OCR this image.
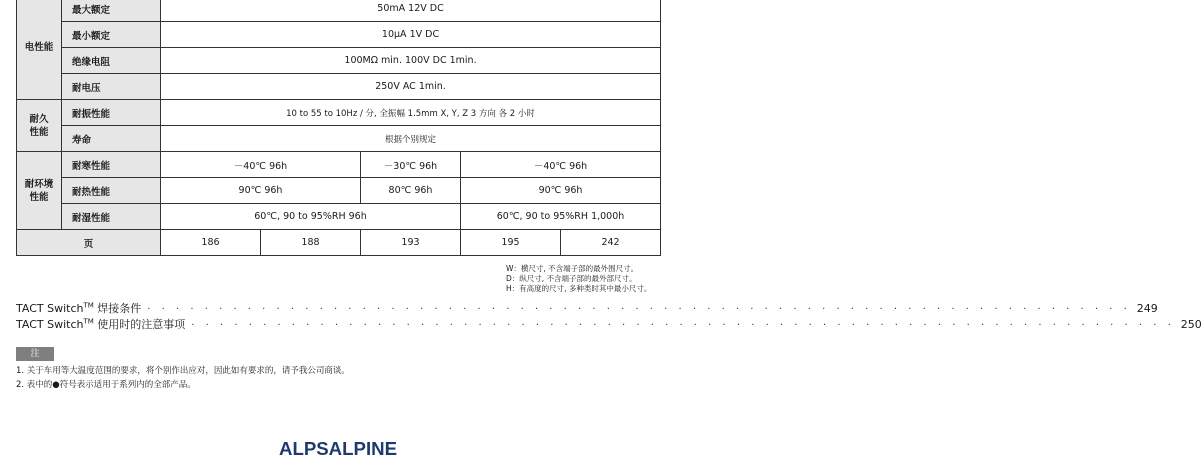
电性能	最大额定	50mA 12V DC				
	最小额定	10μA 1V DC				
	绝缘电阻	100MΩ min. 100V DC 1min.				
	耐电压	250V AC 1min.				
耐久性能	耐振性能	10 to 55 to 10Hz / 分, 全振幅 1.5mm X, Y, Z 3 方向 各 2 小时				
	寿命	根据个别规定				
耐环境性能	耐寒性能	－40℃ 96h		－30℃ 96h	－40℃ 96h	
	耐热性能	90℃ 96h		80℃ 96h	90℃ 96h	
	耐湿性能	60℃, 90 to 95%RH 96h			60℃, 90 to 95%RH 1,000h	
页		186	188	193	195	242
W：横尺寸, 不含端子部的最外围尺寸。
D：纵尺寸, 不含端子部的最外部尺寸。
H：有高度的尺寸, 多种类时其中最小尺寸。
TACT Switch™ 焊接条件 · · · · · · · · · · · · · · · · · · · · · · · · · · · · · · · · · · · · · · · · · · · · · · · · · · · · · · · · · · · · · · · · · · · · · 249
TACT Switch™ 使用时的注意事项 · · · · · · · · · · · · · · · · · · · · · · · · · · · · · · · · · · · · · · · · · · · · · · · · · · · · · · · · · · · · · · · · · · · · · 250
注
1. 关于车用等大温度范围的要求，将个别作出应对，因此如有要求的，请予我公司商谈。
2. 表中的●符号表示适用于系列内的全部产品。
ALPSALPINE
